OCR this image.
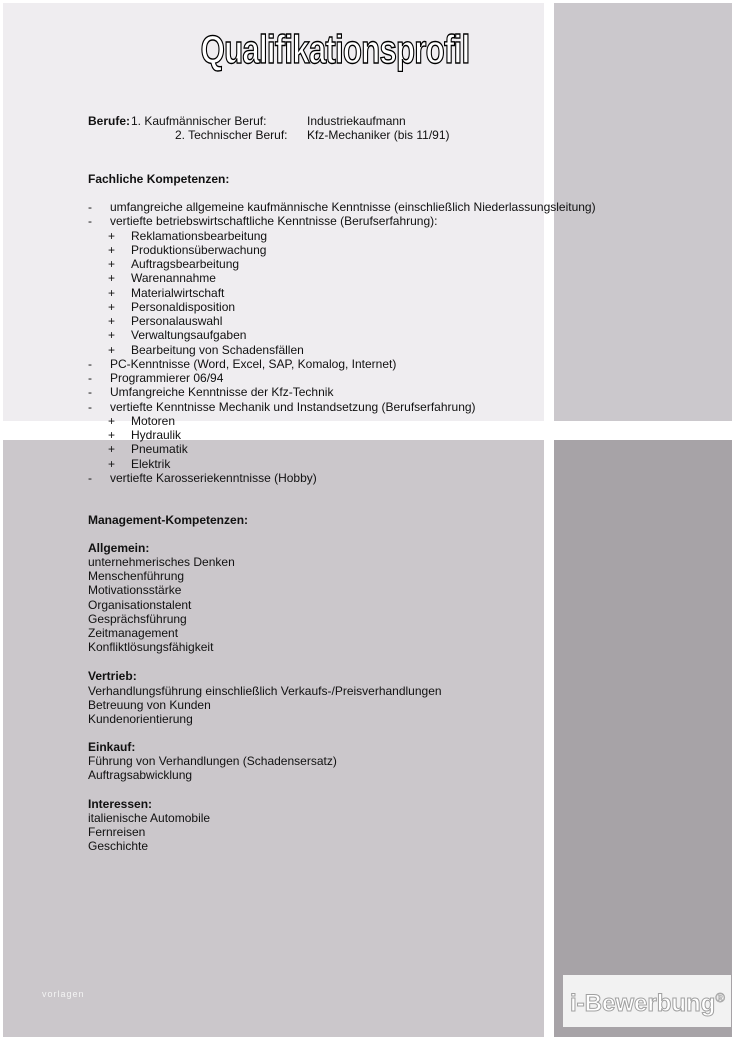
Qualifikationsprofil
Berufe: 1. Kaufmännischer Beruf:	Industriekaufmann
2. Technischer Beruf: Kfz-Mechaniker (bis 11/91)
Fachliche Kompetenzen:
- umfangreiche allgemeine kaufmännische Kenntnisse (einschließlich Niederlassungsleitung)
- vertiefte betriebswirtschaftliche Kenntnisse (Berufserfahrung):
+ Reklamationsbearbeitung
+ Produktionsüberwachung
+ Auftragsbearbeitung
+ Warenannahme
+ Materialwirtschaft
+ Personaldisposition
+ Personalauswahl
+ Verwaltungsaufgaben
+ Bearbeitung von Schadensfällen
- PC-Kenntnisse (Word, Excel, SAP, Komalog, Internet)
- Programmierer 06/94
- Umfangreiche Kenntnisse der Kfz-Technik
- vertiefte Kenntnisse Mechanik und Instandsetzung (Berufserfahrung)
+ Motoren
+ Hydraulik
+ Pneumatik
+ Elektrik
- vertiefte Karosseriekenntnisse (Hobby)
Management-Kompetenzen:
Allgemein:
unternehmerisches Denken
Menschenführung
Motivationsstärke
Organisationstalent
Gesprächsführung
Zeitmanagement
Konfliktlösungsfähigkeit
Vertrieb:
Verhandlungsführung einschließlich Verkaufs-/Preisverhandlungen
Betreuung von Kunden
Kundenorientierung
Einkauf:
Führung von Verhandlungen (Schadensersatz)
Auftragsabwicklung
Interessen:
italienische Automobile
Fernreisen
Geschichte
vorlagen	i-Bewerbung®
